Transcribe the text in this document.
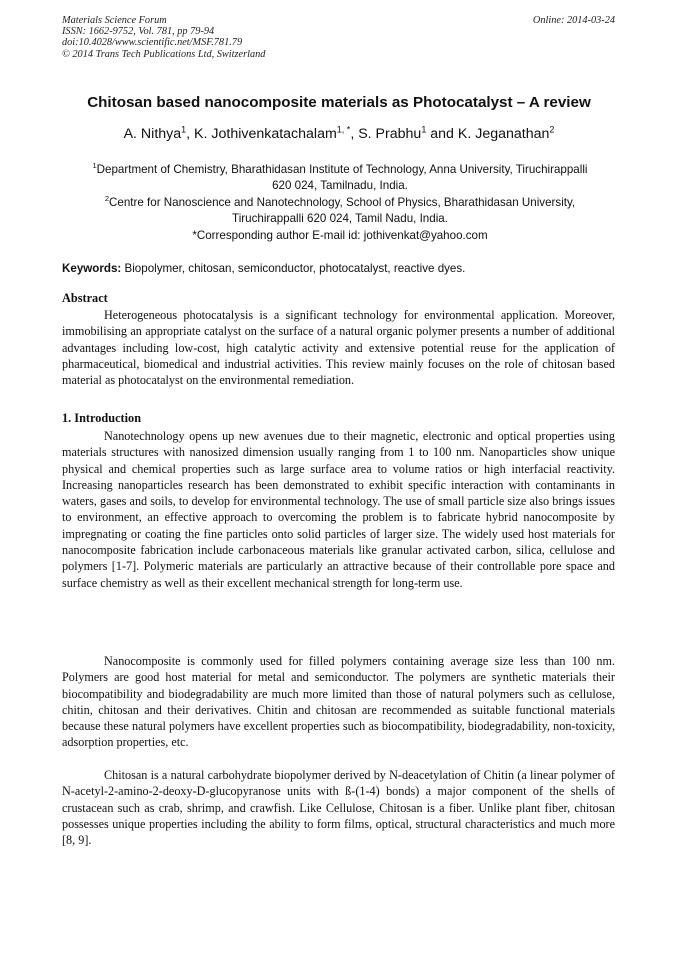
Materials Science Forum
ISSN: 1662-9752, Vol. 781, pp 79-94
doi:10.4028/www.scientific.net/MSF.781.79
© 2014 Trans Tech Publications Ltd, Switzerland
Online: 2014-03-24
Chitosan based nanocomposite materials as Photocatalyst – A review
A. Nithya$^1$, K. Jothivenkatachalam$^{1, *}$, S. Prabhu$^1$ and K. Jeganathan$^2$
$^1$Department of Chemistry, Bharathidasan Institute of Technology, Anna University, Tiruchirappalli
620 024, Tamilnadu, India.
$^2$Centre for Nanoscience and Nanotechnology, School of Physics, Bharathidasan University,
Tiruchirappalli 620 024, Tamil Nadu, India.
*Corresponding author E-mail id: jothivenkat@yahoo.com
Keywords: Biopolymer, chitosan, semiconductor, photocatalyst, reactive dyes.
Abstract

Heterogeneous photocatalysis is a significant technology for environmental application. Moreover, immobilising an appropriate catalyst on the surface of a natural organic polymer presents a number of additional advantages including low-cost, high catalytic activity and extensive potential reuse for the application of pharmaceutical, biomedical and industrial activities. This review mainly focuses on the role of chitosan based material as photocatalyst on the environmental remediation.

1. Introduction

Nanotechnology opens up new avenues due to their magnetic, electronic and optical properties using materials structures with nanosized dimension usually ranging from 1 to 100 nm. Nanoparticles show unique physical and chemical properties such as large surface area to volume ratios or high interfacial reactivity. Increasing nanoparticles research has been demonstrated to exhibit specific interaction with contaminants in waters, gases and soils, to develop for environmental technology. The use of small particle size also brings issues to environment, an effective approach to overcoming the problem is to fabricate hybrid nanocomposite by impregnating or coating the fine particles onto solid particles of larger size. The widely used host materials for nanocomposite fabrication include carbonaceous materials like granular activated carbon, silica, cellulose and polymers [1-7]. Polymeric materials are particularly an attractive because of their controllable pore space and surface chemistry as well as their excellent mechanical strength for long-term use.

Nanocomposite is commonly used for filled polymers containing average size less than 100 nm. Polymers are good host material for metal and semiconductor. The polymers are synthetic materials their biocompatibility and biodegradability are much more limited than those of natural polymers such as cellulose, chitin, chitosan and their derivatives. Chitin and chitosan are recommended as suitable functional materials because these natural polymers have excellent properties such as biocompatibility, biodegradability, non-toxicity, adsorption properties, etc.

Chitosan is a natural carbohydrate biopolymer derived by N-deacetylation of Chitin (a linear polymer of N-acetyl-2-amino-2-deoxy-D-glucopyranose units with ß-(1-4) bonds) a major component of the shells of crustacean such as crab, shrimp, and crawfish. Like Cellulose, Chitosan is a fiber. Unlike plant fiber, chitosan possesses unique properties including the ability to form films, optical, structural characteristics and much more [8, 9].
